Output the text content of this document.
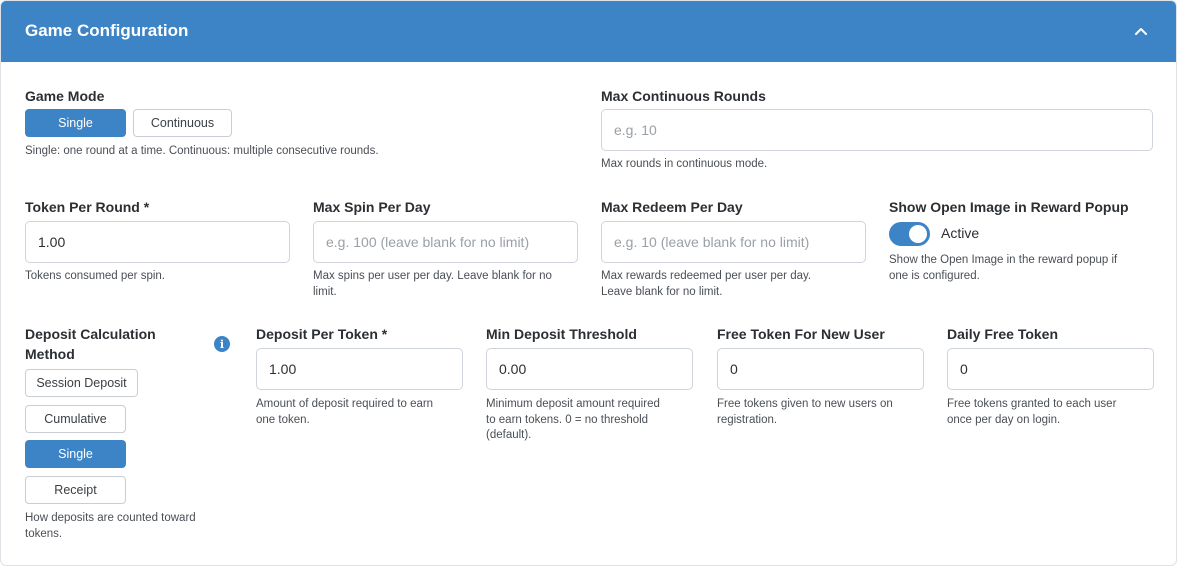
Game Configuration
Game Mode
Single	Continuous
Single: one round at a time. Continuous: multiple consecutive rounds.
Max Continuous Rounds
e.g. 10
Max rounds in continuous mode.
Token Per Round *
1.00
Tokens consumed per spin.
Max Spin Per Day
e.g. 100 (leave blank for no limit)
Max spins per user per day. Leave blank for no
limit.
Max Redeem Per Day
e.g. 10 (leave blank for no limit)
Max rewards redeemed per user per day.
Leave blank for no limit.
Show Open Image in Reward Popup
Active
Show the Open Image in the reward popup if
one is configured.
Deposit Calculation
Method
i
Session Deposit
Cumulative
Single
Receipt
How deposits are counted toward
tokens.
Deposit Per Token *
1.00
Amount of deposit required to earn
one token.
Min Deposit Threshold
0.00
Minimum deposit amount required
to earn tokens. 0 = no threshold
(default).
Free Token For New User
0
Free tokens given to new users on
registration.
Daily Free Token
0
Free tokens granted to each user
once per day on login.
